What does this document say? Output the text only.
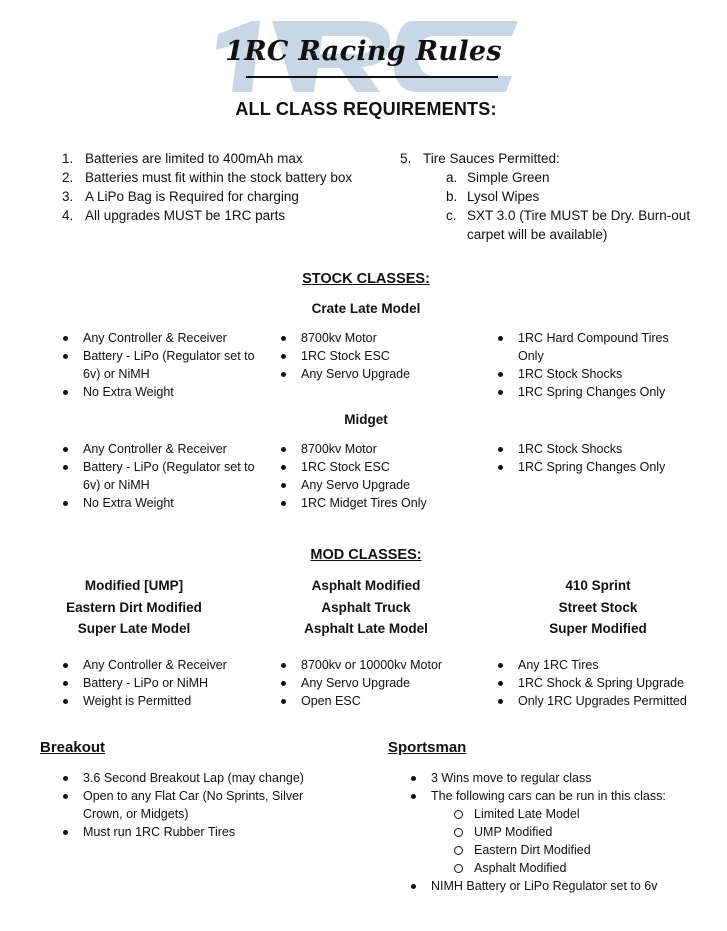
1RC Racing Rules
ALL CLASS REQUIREMENTS:
1. Batteries are limited to 400mAh max
2. Batteries must fit within the stock battery box
3. A LiPo Bag is Required for charging
4. All upgrades MUST be 1RC parts
5. Tire Sauces Permitted:
a. Simple Green
b. Lysol Wipes
c. SXT 3.0 (Tire MUST be Dry. Burn-out carpet will be available)
STOCK CLASSES:
Crate Late Model
Any Controller & Receiver
Battery - LiPo (Regulator set to 6v) or NiMH
No Extra Weight
8700kv Motor
1RC Stock ESC
Any Servo Upgrade
1RC Hard Compound Tires Only
1RC Stock Shocks
1RC Spring Changes Only
Midget
Any Controller & Receiver
Battery - LiPo (Regulator set to 6v) or NiMH
No Extra Weight
8700kv Motor
1RC Stock ESC
Any Servo Upgrade
1RC Midget Tires Only
1RC Stock Shocks
1RC Spring Changes Only
MOD CLASSES:
Modified [UMP]
Eastern Dirt Modified
Super Late Model
Asphalt Modified
Asphalt Truck
Asphalt Late Model
410 Sprint
Street Stock
Super Modified
Any Controller & Receiver
Battery - LiPo or NiMH
Weight is Permitted
8700kv or 10000kv Motor
Any Servo Upgrade
Open ESC
Any 1RC Tires
1RC Shock & Spring Upgrade
Only 1RC Upgrades Permitted
Breakout
3.6 Second Breakout Lap (may change)
Open to any Flat Car (No Sprints, Silver Crown, or Midgets)
Must run 1RC Rubber Tires
Sportsman
3 Wins move to regular class
The following cars can be run in this class:
Limited Late Model
UMP Modified
Eastern Dirt Modified
Asphalt Modified
NIMH Battery or LiPo Regulator set to 6v
